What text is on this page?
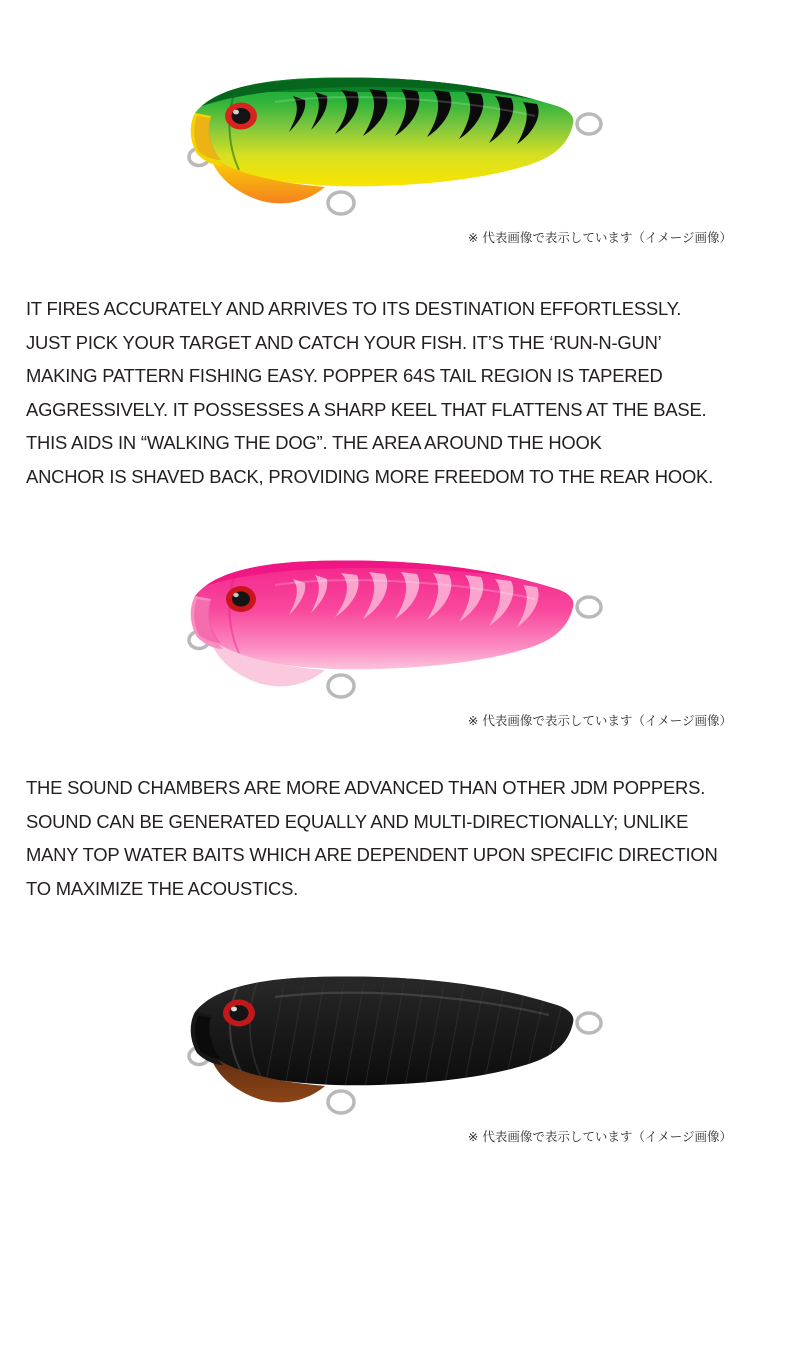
※ 代表画像で表示しています（イメージ画像）
IT FIRES ACCURATELY AND ARRIVES TO ITS DESTINATION EFFORTLESSLY.
JUST PICK YOUR TARGET AND CATCH YOUR FISH. IT’S THE ‘RUN-N-GUN’
MAKING PATTERN FISHING EASY. POPPER 64S TAIL REGION IS TAPERED
AGGRESSIVELY. IT POSSESSES A SHARP KEEL THAT FLATTENS AT THE BASE.
THIS AIDS IN “WALKING THE DOG”. THE AREA AROUND THE HOOK
ANCHOR IS SHAVED BACK, PROVIDING MORE FREEDOM TO THE REAR HOOK.
※ 代表画像で表示しています（イメージ画像）
THE SOUND CHAMBERS ARE MORE ADVANCED THAN OTHER JDM POPPERS.
SOUND CAN BE GENERATED EQUALLY AND MULTI-DIRECTIONALLY; UNLIKE
MANY TOP WATER BAITS WHICH ARE DEPENDENT UPON SPECIFIC DIRECTION
TO MAXIMIZE THE ACOUSTICS.
※ 代表画像で表示しています（イメージ画像）
